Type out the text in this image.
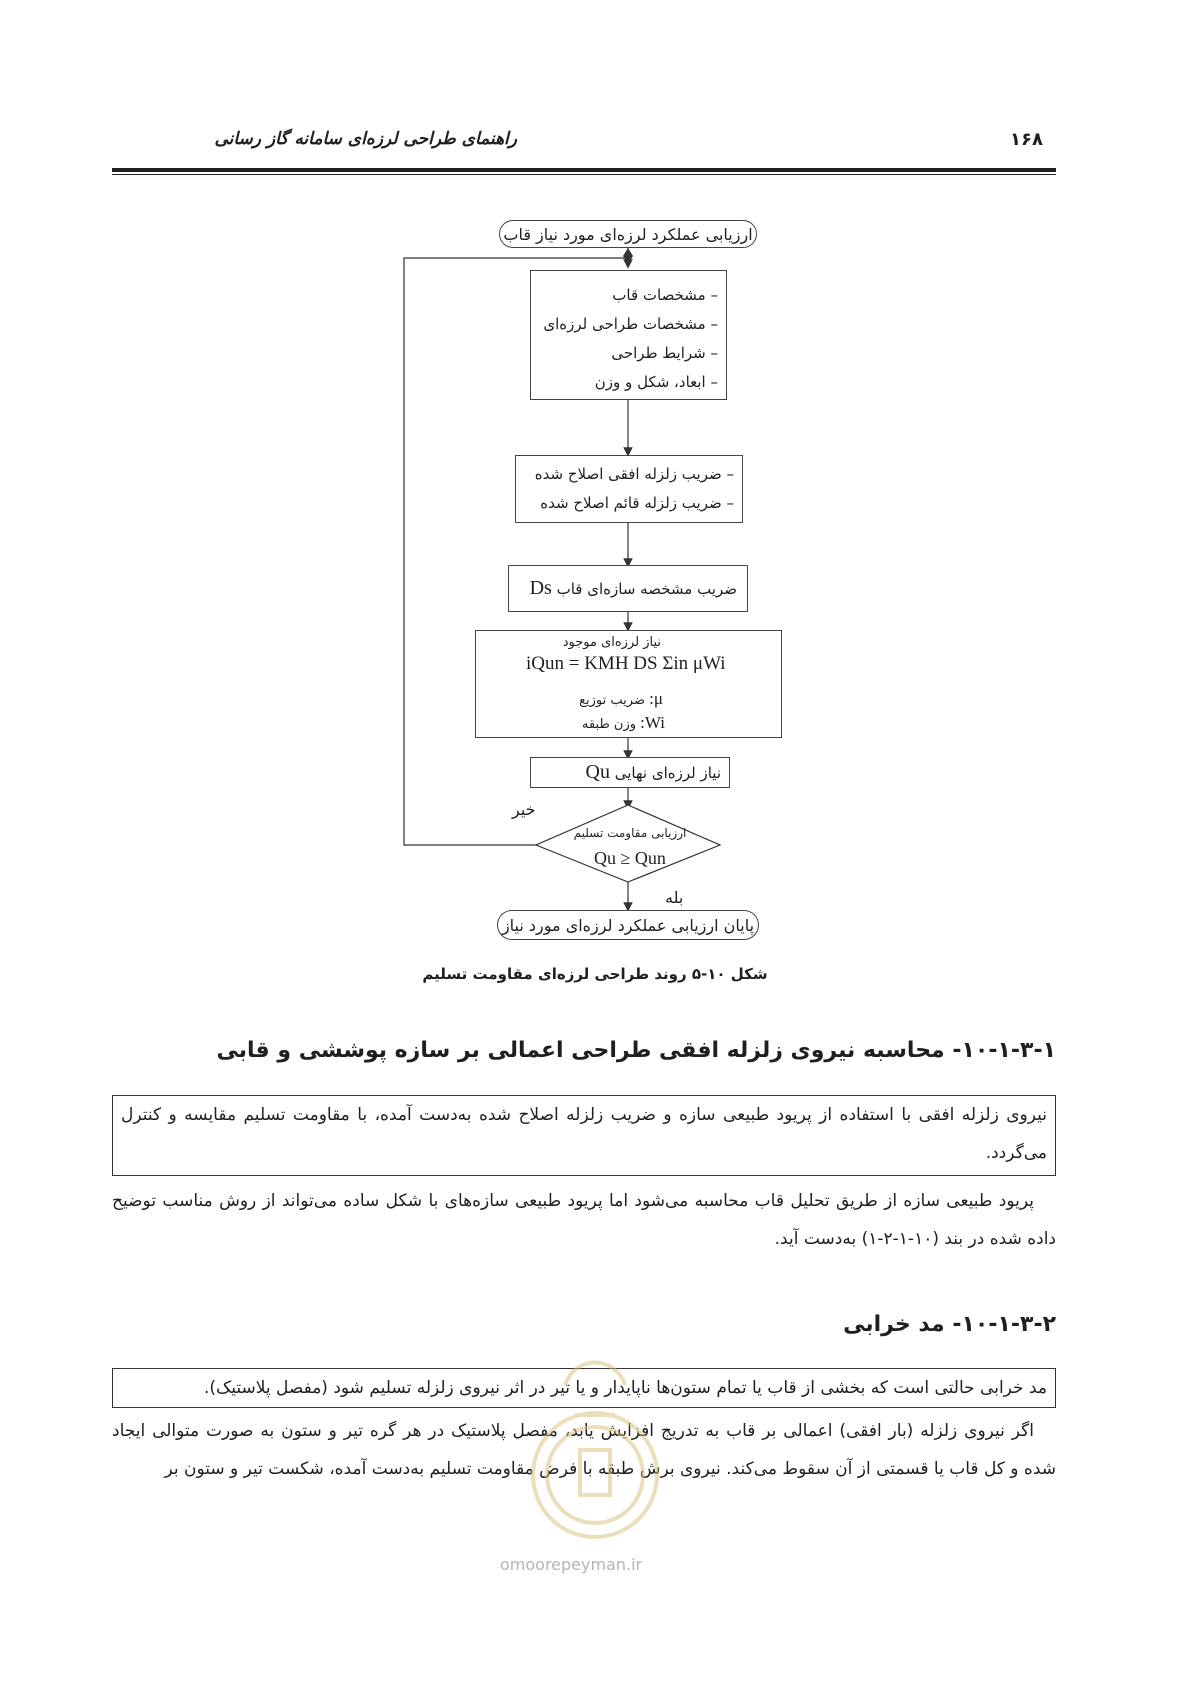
راهنمای طراحی لرزه‌ای سامانه گاز رسانی	۱۶۸
ارزیابی عملکرد لرزه‌ای مورد نیاز قاب
– مشخصات قاب
– مشخصات طراحی لرزه‌ای
– شرایط طراحی
– ابعاد، شکل و وزن
– ضریب زلزله افقی اصلاح شده
– ضریب زلزله قائم اصلاح شده
ضریب مشخصه سازه‌ای قاب Ds
نیاز لرزه‌ای موجود
iQun = KMH DS Σin μWi
μ: ضریب توزیع
Wi: وزن طبقه
نیاز لرزه‌ای نهایی Qu
خیر
ارزیابی مقاومت تسلیم
Qu ≥ Qun
بله
پایان ارزیابی عملکرد لرزه‌ای مورد نیاز
شکل ۱۰-۵ روند طراحی لرزه‌ای مقاومت تسلیم
۱۰-۱-۳-۱- محاسبه نیروی زلزله افقی طراحی اعمالی بر سازه پوششی و قابی
نیروی زلزله افقی با استفاده از پریود طبیعی سازه و ضریب زلزله اصلاح شده به‌دست آمده، با مقاومت تسلیم مقایسه و کنترل می‌گردد.
پریود طبیعی سازه از طریق تحلیل قاب محاسبه می‌شود اما پریود طبیعی سازه‌های با شکل ساده می‌تواند از روش مناسب توضیح داده شده در بند (۱۰-۱-۲-۱) به‌دست آید.
۱۰-۱-۳-۲- مد خرابی
مد خرابی حالتی است که بخشی از قاب یا تمام ستون‌ها ناپایدار و یا تیر در اثر نیروی زلزله تسلیم شود (مفصل پلاستیک).
اگر نیروی زلزله (بار افقی) اعمالی بر قاب به تدریج افزایش یابد، مفصل پلاستیک در هر گره تیر و ستون به صورت متوالی ایجاد شده و کل قاب یا قسمتی از آن سقوط می‌کند. نیروی برش طبقه با فرض مقاومت تسلیم به‌دست آمده، شکست تیر و ستون بر
omoorepeyman.ir
